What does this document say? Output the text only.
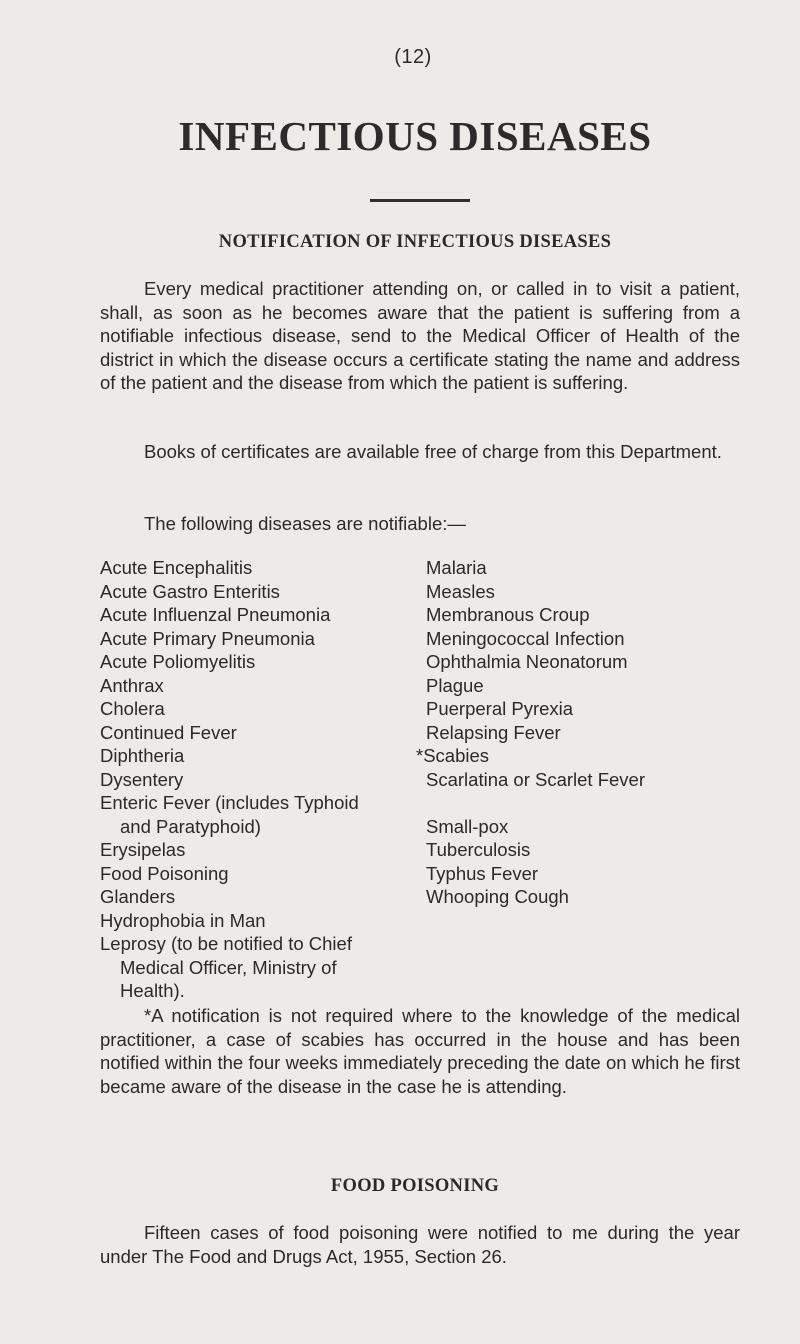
(12)
INFECTIOUS DISEASES
NOTIFICATION OF INFECTIOUS DISEASES

Every medical practitioner attending on, or called in to visit a patient, shall, as soon as he becomes aware that the patient is suffering from a notifiable infectious disease, send to the Medical Officer of Health of the district in which the disease occurs a certificate stating the name and address of the patient and the disease from which the patient is suffering.

Books of certificates are available free of charge from this Department.

The following diseases are notifiable:—

Acute Encephalitis
Acute Gastro Enteritis
Acute Influenzal Pneumonia
Acute Primary Pneumonia
Acute Poliomyelitis
Anthrax
Cholera
Continued Fever
Diphtheria
Dysentery
Enteric Fever (includes Typhoid
and Paratyphoid)
Erysipelas
Food Poisoning
Glanders
Hydrophobia in Man
Leprosy (to be notified to Chief
Medical Officer, Ministry of
Health).
Malaria
Measles
Membranous Croup
Meningococcal Infection
Ophthalmia Neonatorum
Plague
Puerperal Pyrexia
Relapsing Fever
*Scabies
Scarlatina or Scarlet Fever
Small-pox
Tuberculosis
Typhus Fever
Whooping Cough

*A notification is not required where to the knowledge of the medical practitioner, a case of scabies has occurred in the house and has been notified within the four weeks immediately preceding the date on which he first became aware of the disease in the case he is attending.

FOOD POISONING

Fifteen cases of food poisoning were notified to me during the year under The Food and Drugs Act, 1955, Section 26.
